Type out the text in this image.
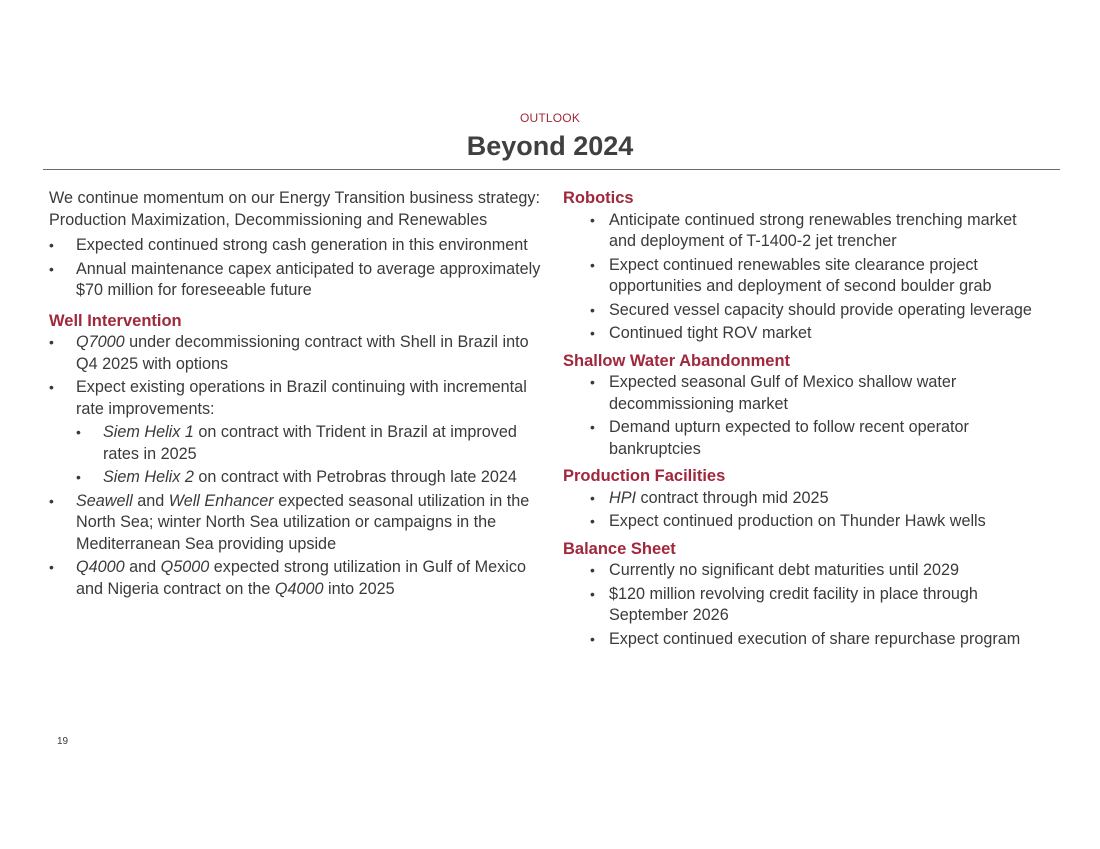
OUTLOOK
Beyond 2024

We continue momentum on our Energy Transition business strategy: Production Maximization, Decommissioning and Renewables

• Expected continued strong cash generation in this environment
• Annual maintenance capex anticipated to average approximately $70 million for foreseeable future

Well Intervention

• Q7000 under decommissioning contract with Shell in Brazil into Q4 2025 with options
• Expect existing operations in Brazil continuing with incremental rate improvements:
• Siem Helix 1 on contract with Trident in Brazil at improved rates in 2025
• Siem Helix 2 on contract with Petrobras through late 2024
• Seawell and Well Enhancer expected seasonal utilization in the North Sea; winter North Sea utilization or campaigns in the Mediterranean Sea providing upside
• Q4000 and Q5000 expected strong utilization in Gulf of Mexico and Nigeria contract on the Q4000 into 2025

Robotics

• Anticipate continued strong renewables trenching market and deployment of T-1400-2 jet trencher
• Expect continued renewables site clearance project opportunities and deployment of second boulder grab
• Secured vessel capacity should provide operating leverage
• Continued tight ROV market

Shallow Water Abandonment

• Expected seasonal Gulf of Mexico shallow water decommissioning market
• Demand upturn expected to follow recent operator bankruptcies

Production Facilities

• HPI contract through mid 2025
• Expect continued production on Thunder Hawk wells

Balance Sheet

• Currently no significant debt maturities until 2029
• $120 million revolving credit facility in place through September 2026
• Expect continued execution of share repurchase program
19
